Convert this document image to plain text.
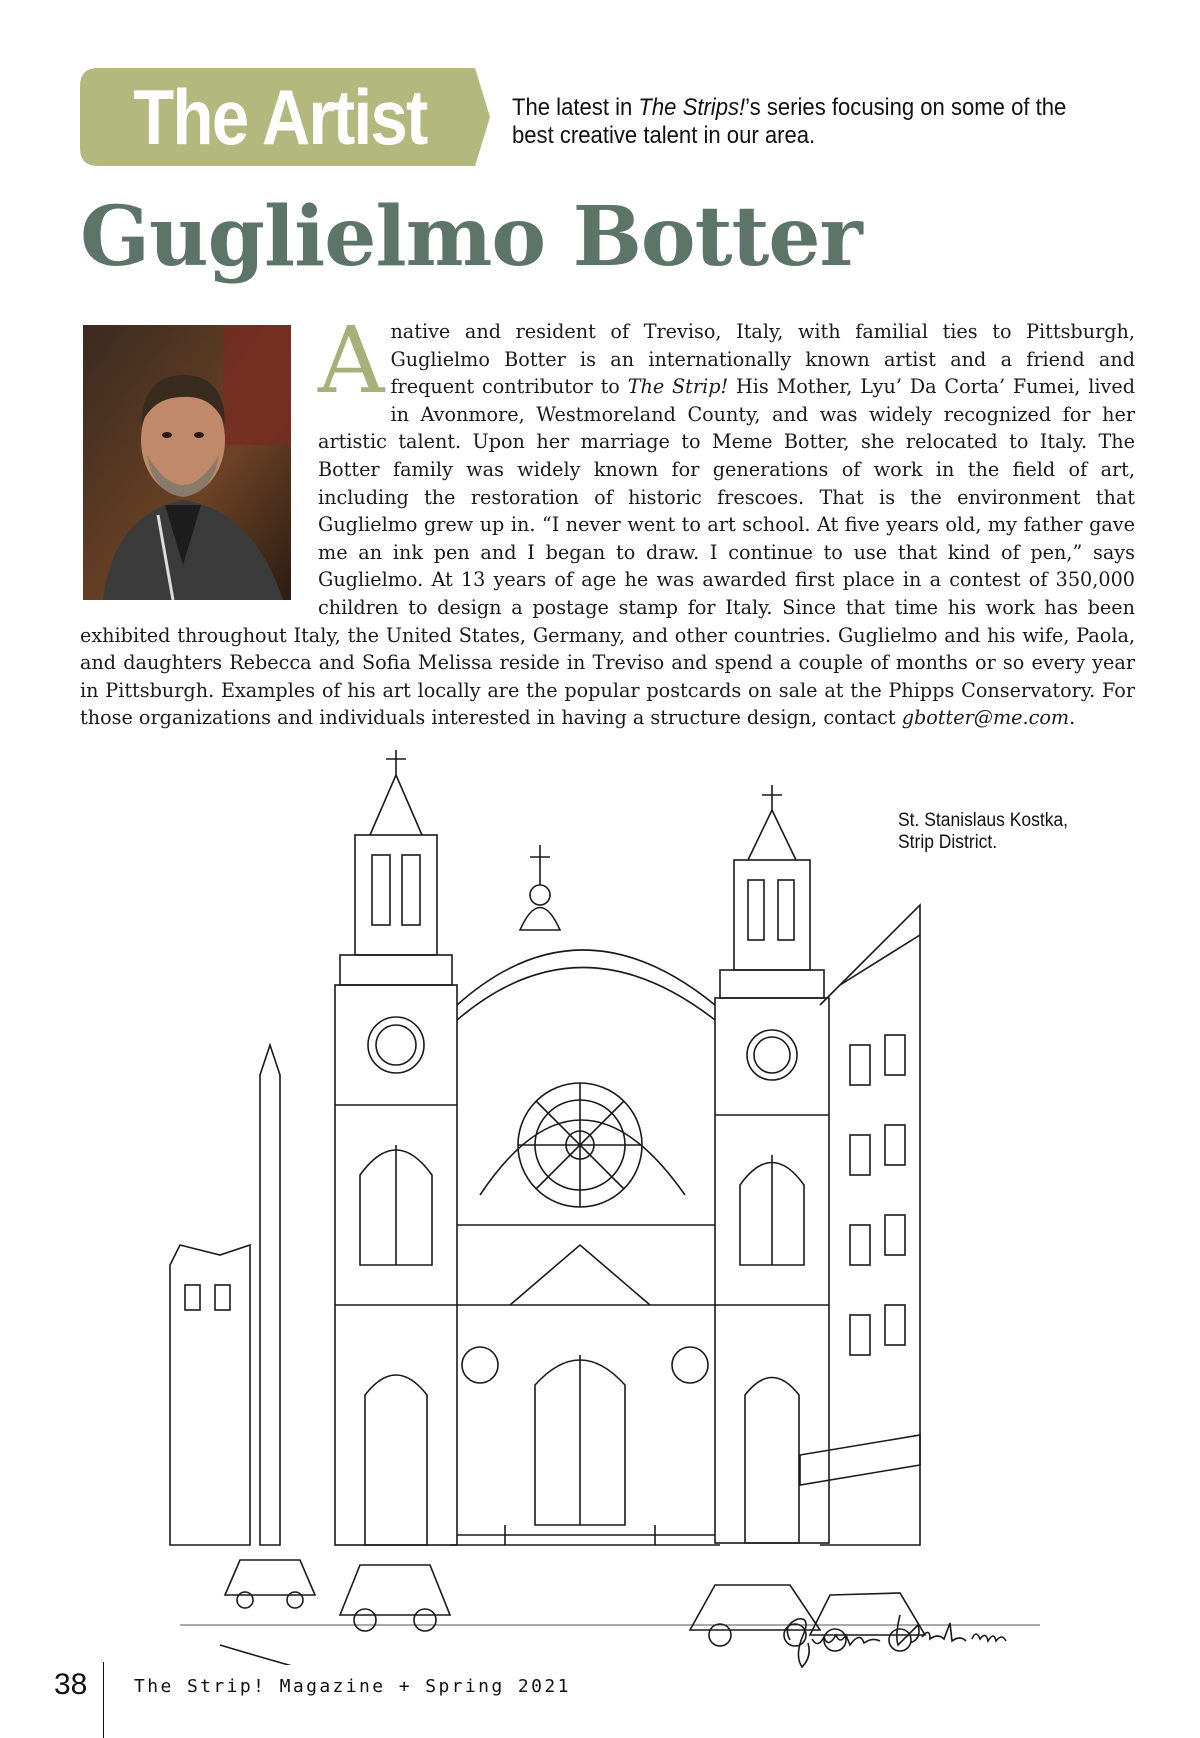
The Artist	The latest in The Strips!’s series focusing on some of the best creative talent in our area.
Guglielmo Botter
A native and resident of Treviso, Italy, with familial ties to Pittsburgh, Guglielmo Botter is an internationally known artist and a friend and frequent contributor to The Strip! His Mother, Lyu’ Da Corta’ Fumei, lived in Avonmore, Westmoreland County, and was widely recognized for her artistic talent. Upon her marriage to Meme Botter, she relocated to Italy. The Botter family was widely known for generations of work in the field of art, including the restoration of historic frescoes. That is the environment that Guglielmo grew up in. “I never went to art school. At five years old, my father gave me an ink pen and I began to draw. I continue to use that kind of pen,” says Guglielmo. At 13 years of age he was awarded first place in a contest of 350,000 children to design a postage stamp for Italy. Since that time his work has been exhibited throughout Italy, the United States, Germany, and other countries. Guglielmo and his wife, Paola, and daughters Rebecca and Sofia Melissa reside in Treviso and spend a couple of months or so every year in Pittsburgh. Examples of his art locally are the popular postcards on sale at the Phipps Conservatory. For those organizations and individuals interested in having a structure design, contact gbotter@me.com.
St. Stanislaus Kostka,
Strip District.
38	The Strip! Magazine + Spring 2021
